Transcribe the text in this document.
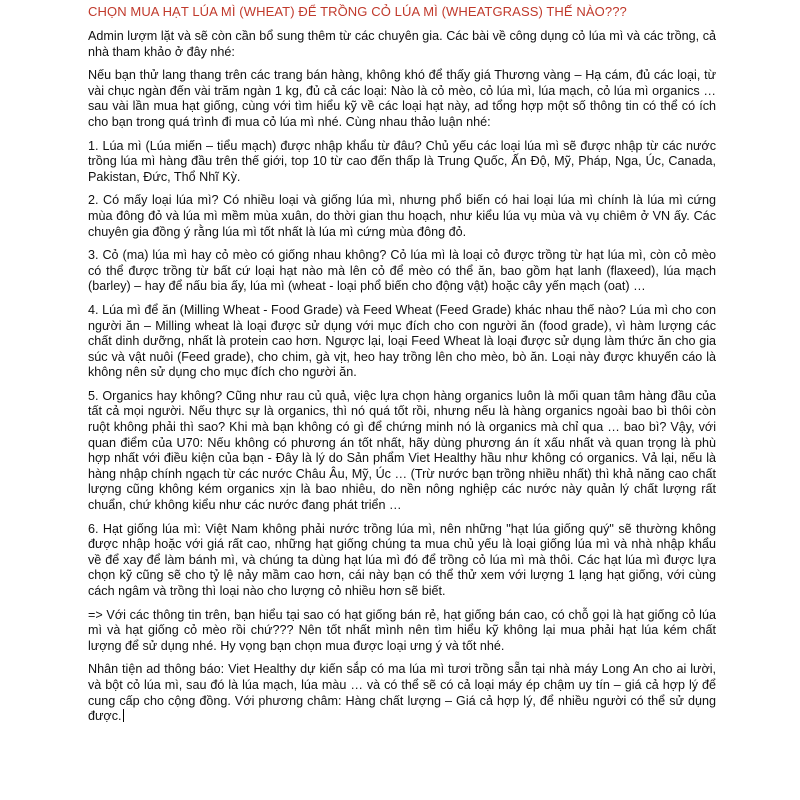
CHỌN MUA HẠT LÚA MÌ (WHEAT) ĐỂ TRỒNG CỎ LÚA MÌ (WHEATGRASS) THẾ NÀO???

Admin lượm lặt và sẽ còn cần bổ sung thêm từ các chuyên gia. Các bài về công dụng cỏ lúa mì và các trồng, cả nhà tham khảo ở đây nhé:

Nếu bạn thử lang thang trên các trang bán hàng, không khó để thấy giá Thương vàng – Hạ cám, đủ các loại, từ vài chục ngàn đến vài trăm ngàn 1 kg, đủ cả các loại: Nào là cỏ mèo, cỏ lúa mì, lúa mạch, cỏ lúa mì organics … sau vài lần mua hạt giống, cùng với tìm hiểu kỹ về các loại hạt này, ad tổng hợp một số thông tin có thể có ích cho bạn trong quá trình đi mua cỏ lúa mì nhé. Cùng nhau thảo luận nhé:

1. Lúa mì (Lúa miến – tiểu mạch) được nhập khẩu từ đâu? Chủ yếu các loại lúa mì sẽ được nhập từ các nước trồng lúa mì hàng đầu trên thế giới, top 10 từ cao đến thấp là Trung Quốc, Ấn Độ, Mỹ, Pháp, Nga, Úc, Canada, Pakistan, Đức, Thổ Nhĩ Kỳ.

2. Có mấy loại lúa mì? Có nhiều loại và giống lúa mì, nhưng phổ biến có hai loại lúa mì chính là lúa mì cứng mùa đông đỏ và lúa mì mềm mùa xuân, do thời gian thu hoạch, như kiểu lúa vụ mùa và vụ chiêm ở VN ấy. Các chuyên gia đồng ý rằng lúa mì tốt nhất là lúa mì cứng mùa đông đỏ.

3. Cỏ (ma) lúa mì hay cỏ mèo có giống nhau không? Cỏ lúa mì là loại cỏ được trồng từ hạt lúa mì, còn cỏ mèo có thể được trồng từ bất cứ loại hạt nào mà lên cỏ để mèo có thể ăn, bao gồm hạt lanh (flaxeed), lúa mạch (barley) – hay để nấu bia ấy, lúa mì (wheat - loại phổ biến cho động vật) hoặc cây yến mạch (oat) …

4. Lúa mì để ăn (Milling Wheat - Food Grade) và Feed Wheat (Feed Grade) khác nhau thế nào? Lúa mì cho con người ăn – Milling wheat là loại được sử dụng với mục đích cho con người ăn (food grade), vì hàm lượng các chất dinh dưỡng, nhất là protein cao hơn. Ngược lại, loại Feed Wheat là loại được sử dụng làm thức ăn cho gia súc và vật nuôi (Feed grade), cho chim, gà vịt, heo hay trồng lên cho mèo, bò ăn. Loại này được khuyến cáo là không nên sử dụng cho mục đích cho người ăn.

5. Organics hay không? Cũng như rau củ quả, việc lựa chọn hàng organics luôn là mối quan tâm hàng đầu của tất cả mọi người. Nếu thực sự là organics, thì nó quá tốt rồi, nhưng nếu là hàng organics ngoài bao bì thôi còn ruột không phải thì sao? Khi mà bạn không có gì để chứng minh nó là organics mà chỉ qua … bao bì? Vậy, với quan điểm của U70: Nếu không có phương án tốt nhất, hãy dùng phương án ít xấu nhất và quan trọng là phù hợp nhất với điều kiện của bạn - Đây là lý do Sản phẩm Viet Healthy hầu như không có organics. Vả lại, nếu là hàng nhập chính ngạch từ các nước Châu Âu, Mỹ, Úc … (Trừ nước bạn trồng nhiều nhất) thì khả năng cao chất lượng cũng không kém organics xịn là bao nhiêu, do nền nông nghiệp các nước này quản lý chất lượng rất chuẩn, chứ không kiểu như các nước đang phát triển …

6. Hạt giống lúa mì: Việt Nam không phải nước trồng lúa mì, nên những "hạt lúa giống quý" sẽ thường không được nhập hoặc với giá rất cao, những hạt giống chúng ta mua chủ yếu là loại giống lúa mì và nhà nhập khẩu về để xay để làm bánh mì, và chúng ta dùng hạt lúa mì đó để trồng cỏ lúa mì mà thôi. Các hạt lúa mì được lựa chọn kỹ cũng sẽ cho tỷ lệ nảy mầm cao hơn, cái này bạn có thể thử xem với lượng 1 lạng hạt giống, với cùng cách ngâm và trồng thì loại nào cho lượng cỏ nhiều hơn sẽ biết.

=> Với các thông tin trên, bạn hiểu tại sao có hạt giống bán rẻ, hạt giống bán cao, có chỗ gọi là hạt giống cỏ lúa mì và hạt giống cỏ mèo rồi chứ??? Nên tốt nhất mình nên tìm hiểu kỹ không lại mua phải hạt lúa kém chất lượng để sử dụng nhé. Hy vọng bạn chọn mua được loại ưng ý và tốt nhé.

Nhân tiện ad thông báo: Viet Healthy dự kiến sắp có ma lúa mì tươi trồng sẵn tại nhà máy Long An cho ai lười, và bột cỏ lúa mì, sau đó là lúa mạch, lúa màu … và có thể sẽ có cả loại máy ép chậm uy tín – giá cả hợp lý để cung cấp cho cộng đồng. Với phương châm: Hàng chất lượng – Giá cả hợp lý, để nhiều người có thể sử dụng được.
